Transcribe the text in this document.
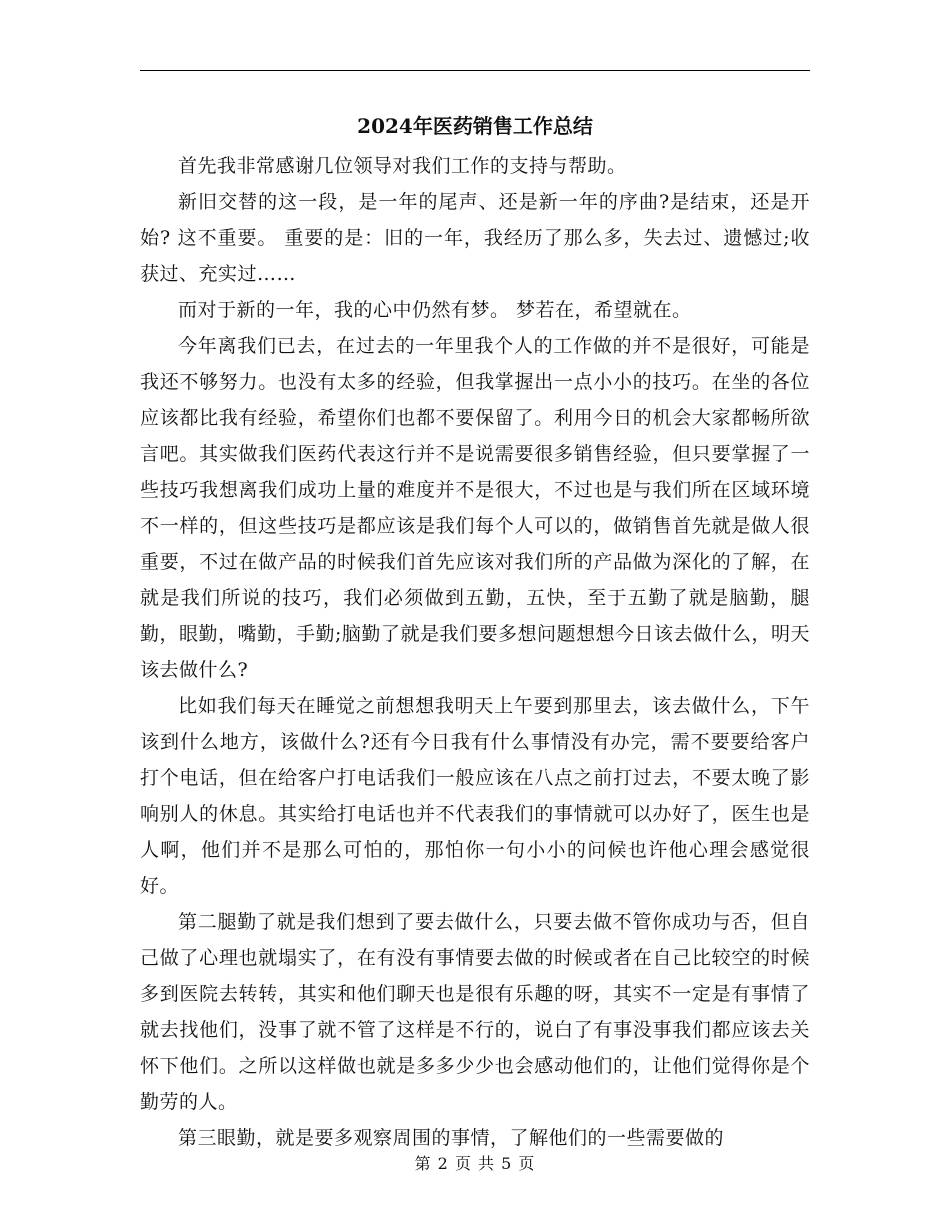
2024年医药销售工作总结

首先我非常感谢几位领导对我们工作的支持与帮助。

新旧交替的这一段，是一年的尾声、还是新一年的序曲?是结束，还是开始? 这不重要。 重要的是：旧的一年，我经历了那么多，失去过、遗憾过;收获过、充实过……

而对于新的一年，我的心中仍然有梦。 梦若在，希望就在。

今年离我们已去，在过去的一年里我个人的工作做的并不是很好，可能是我还不够努力。也没有太多的经验，但我掌握出一点小小的技巧。在坐的各位应该都比我有经验，希望你们也都不要保留了。利用今日的机会大家都畅所欲言吧。其实做我们医药代表这行并不是说需要很多销售经验，但只要掌握了一些技巧我想离我们成功上量的难度并不是很大，不过也是与我们所在区域环境不一样的，但这些技巧是都应该是我们每个人可以的，做销售首先就是做人很重要，不过在做产品的时候我们首先应该对我们所的产品做为深化的了解，在就是我们所说的技巧，我们必须做到五勤，五快，至于五勤了就是脑勤，腿勤，眼勤，嘴勤，手勤;脑勤了就是我们要多想问题想想今日该去做什么，明天该去做什么?

比如我们每天在睡觉之前想想我明天上午要到那里去，该去做什么，下午该到什么地方，该做什么?还有今日我有什么事情没有办完，需不要要给客户打个电话，但在给客户打电话我们一般应该在八点之前打过去，不要太晚了影响别人的休息。其实给打电话也并不代表我们的事情就可以办好了，医生也是人啊，他们并不是那么可怕的，那怕你一句小小的问候也许他心理会感觉很好。

第二腿勤了就是我们想到了要去做什么，只要去做不管你成功与否，但自己做了心理也就塌实了，在有没有事情要去做的时候或者在自己比较空的时候多到医院去转转，其实和他们聊天也是很有乐趣的呀，其实不一定是有事情了就去找他们，没事了就不管了这样是不行的，说白了有事没事我们都应该去关怀下他们。之所以这样做也就是多多少少也会感动他们的，让他们觉得你是个勤劳的人。

第三眼勤，就是要多观察周围的事情，了解他们的一些需要做的

第 2 页 共 5 页
